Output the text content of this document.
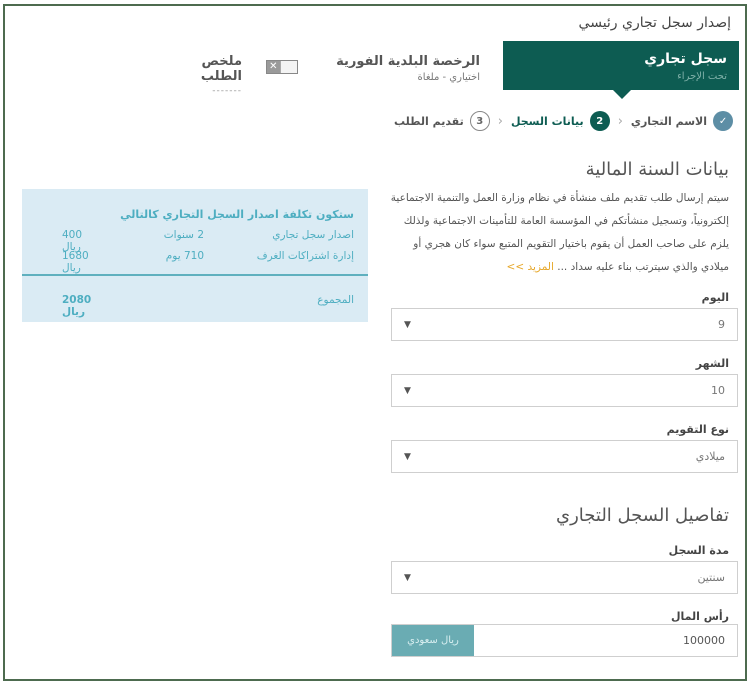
إصدار سجل تجاري رئيسي
سجل تجاري
تحت الإجراء
الرخصة البلدية الفورية
اختياري - ملغاة
✕
ملخص الطلب
-------
✓
الاسم التجاري
‹
2
بيانات السجل
‹
3
تقديم الطلب
بيانات السنة المالية
سيتم إرسال طلب تقديم ملف منشأة في نظام وزارة العمل والتنمية الاجتماعية إلكترونياً، وتسجيل منشأتكم في المؤسسة العامة للتأمينات الاجتماعية ولذلك يلزم على صاحب العمل أن يقوم باختيار التقويم المتبع سواء كان هجري أو ميلادي والذي سيترتب بناء عليه سداد ... المزيد >>
اليوم
9
▼
الشهر
10
▼
نوع التقويم
ميلادي
▼
تفاصيل السجل التجاري
مدة السجل
سنتين
▼
رأس المال
100000
ريال سعودي
ستكون تكلفة اصدار السجل التجاري كالتالي
اصدار سجل تجاري
2 سنوات
400 ريال
إدارة اشتراكات الغرف
710 يوم
1680 ريال
المجموع
2080 ريال
